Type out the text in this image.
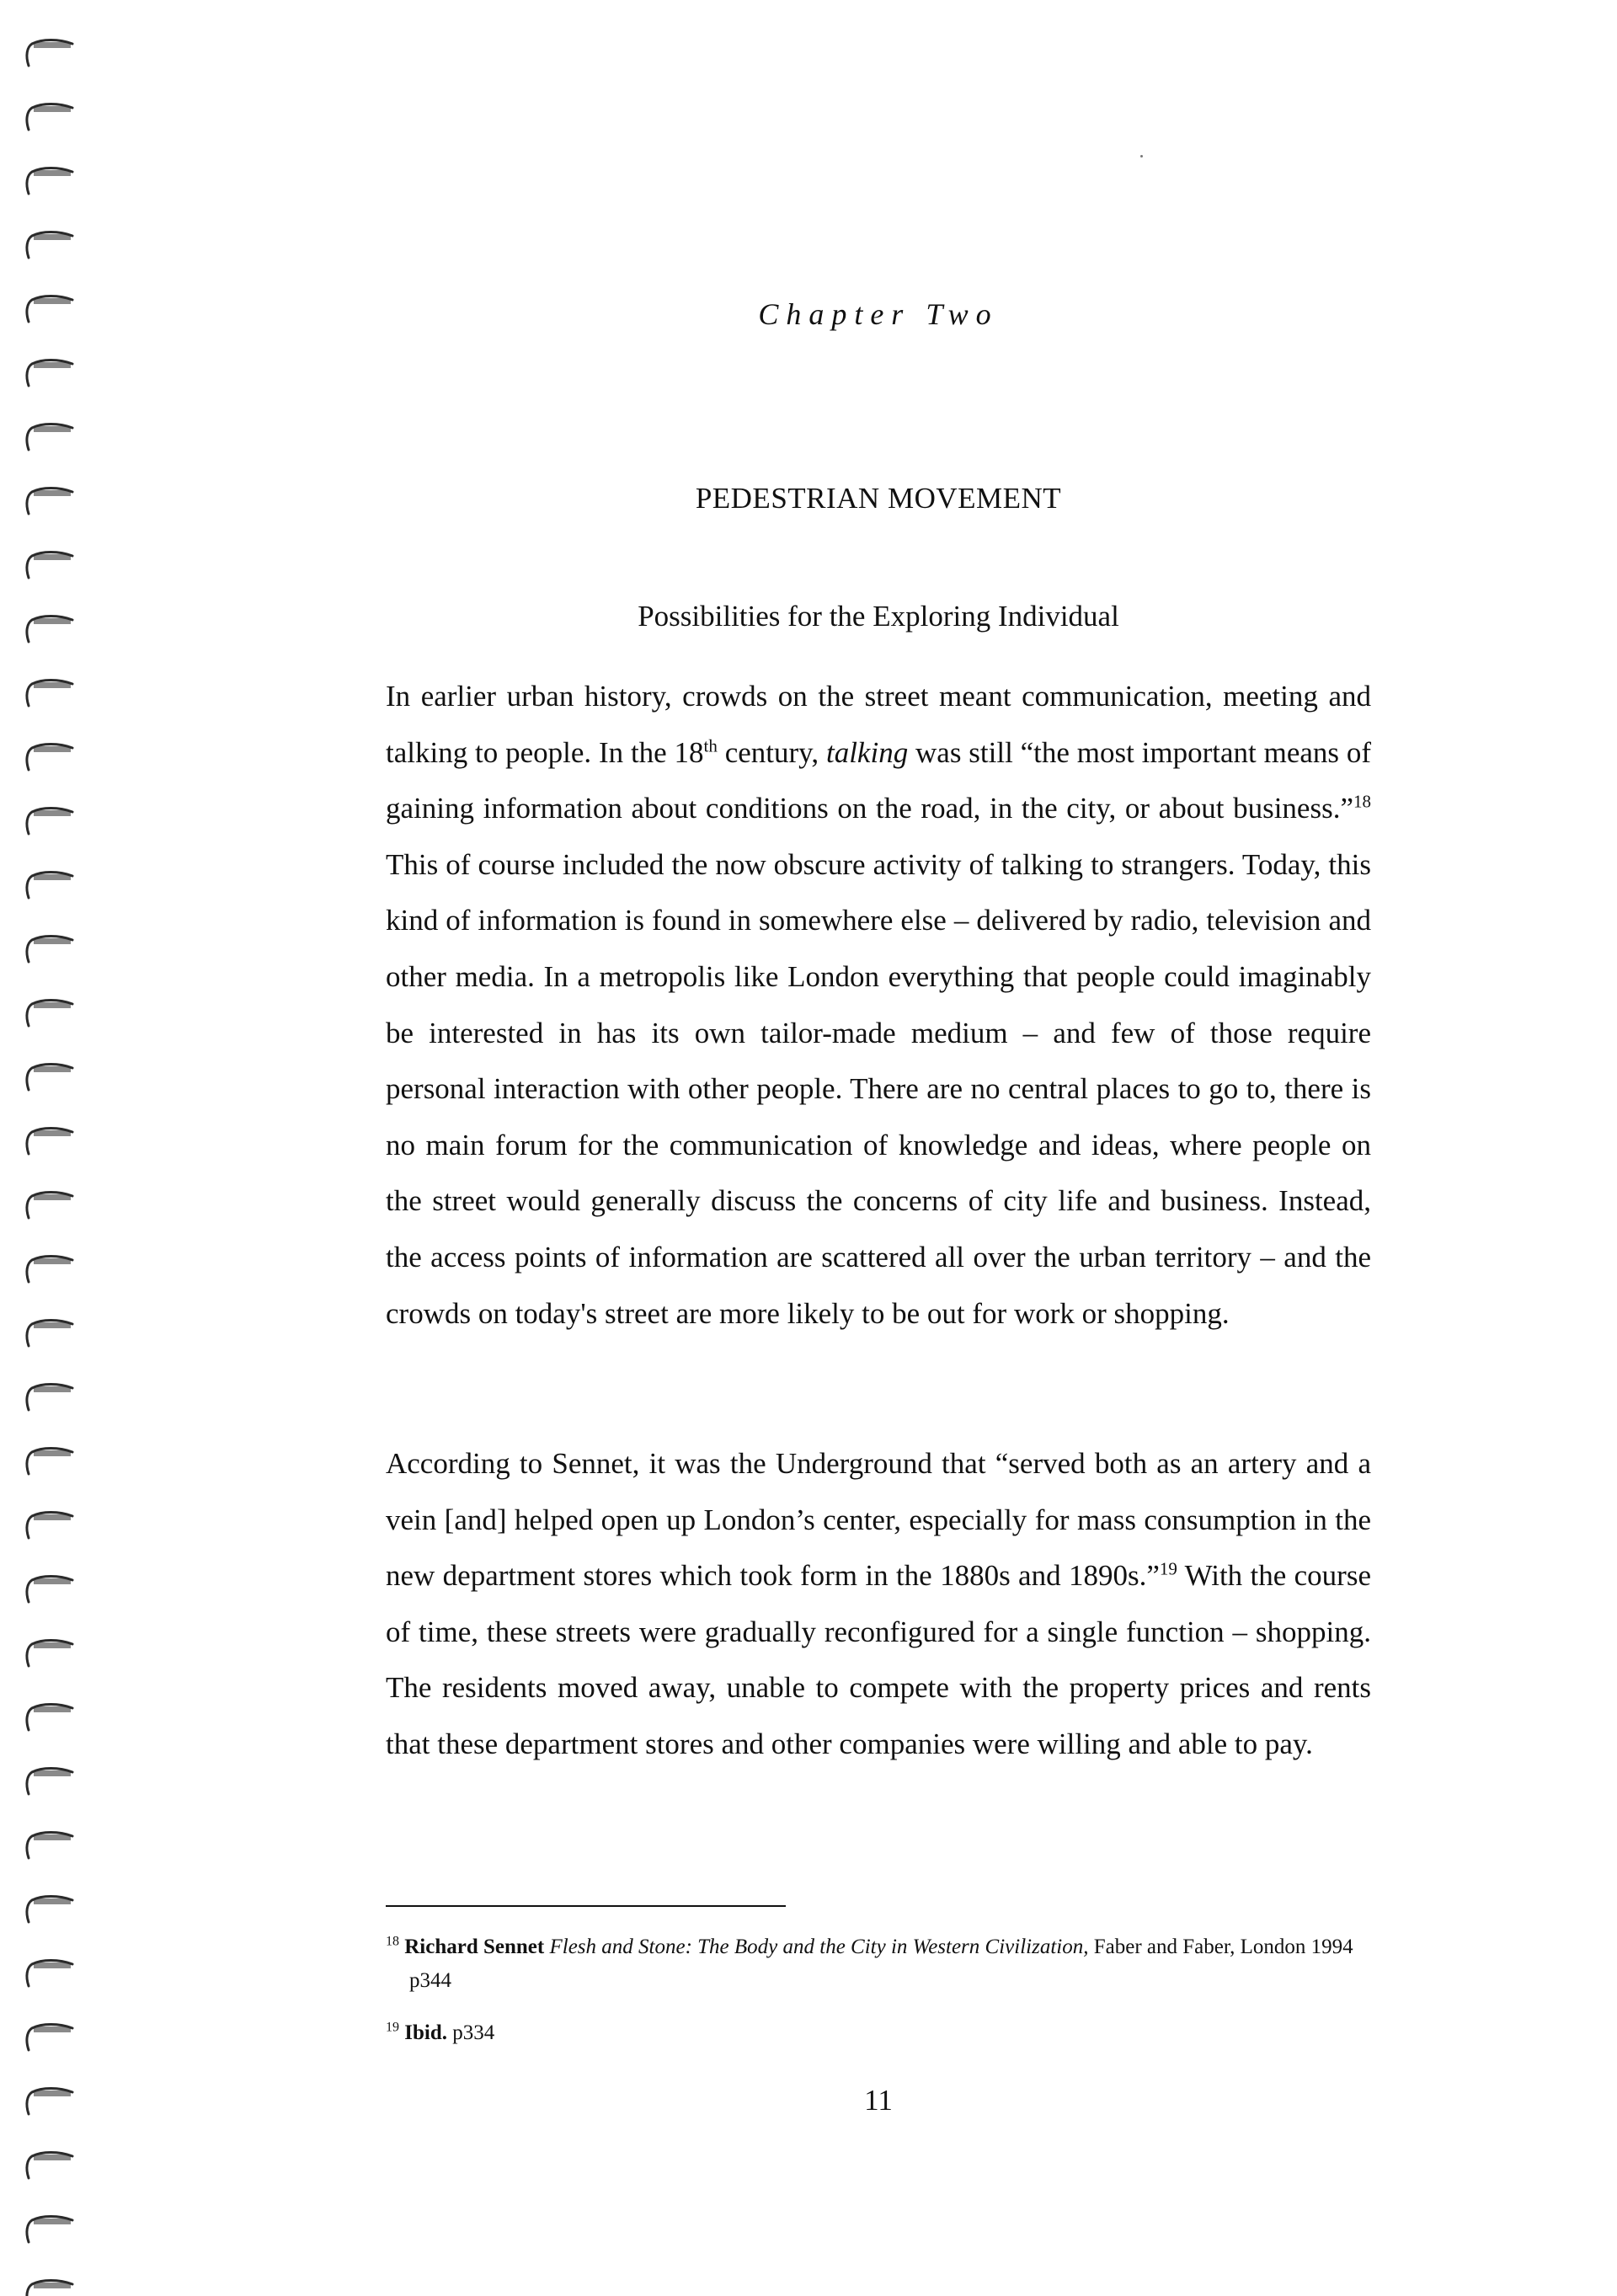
Chapter Two
PEDESTRIAN MOVEMENT
Possibilities for the Exploring Individual

In earlier urban history, crowds on the street meant communication, meeting and talking to people. In the 18th century, talking was still “the most important means of gaining information about conditions on the road, in the city, or about business.”$^{18}$ This of course included the now obscure activity of talking to strangers. Today, this kind of information is found in somewhere else – delivered by radio, television and other media. In a metropolis like London everything that people could imaginably be interested in has its own tailor-made medium – and few of those require personal interaction with other people. There are no central places to go to, there is no main forum for the communication of knowledge and ideas, where people on the street would generally discuss the concerns of city life and business. Instead, the access points of information are scattered all over the urban territory – and the crowds on today's street are more likely to be out for work or shopping.

According to Sennet, it was the Underground that “served both as an artery and a vein [and] helped open up London’s center, especially for mass consumption in the new department stores which took form in the 1880s and 1890s.”$^{19}$ With the course of time, these streets were gradually reconfigured for a single function – shopping. The residents moved away, unable to compete with the property prices and rents that these department stores and other companies were willing and able to pay.

$^{18}$ Richard Sennet Flesh and Stone: The Body and the City in Western Civilization, Faber and Faber, London 1994 p344
$^{19}$ Ibid. p334
11
